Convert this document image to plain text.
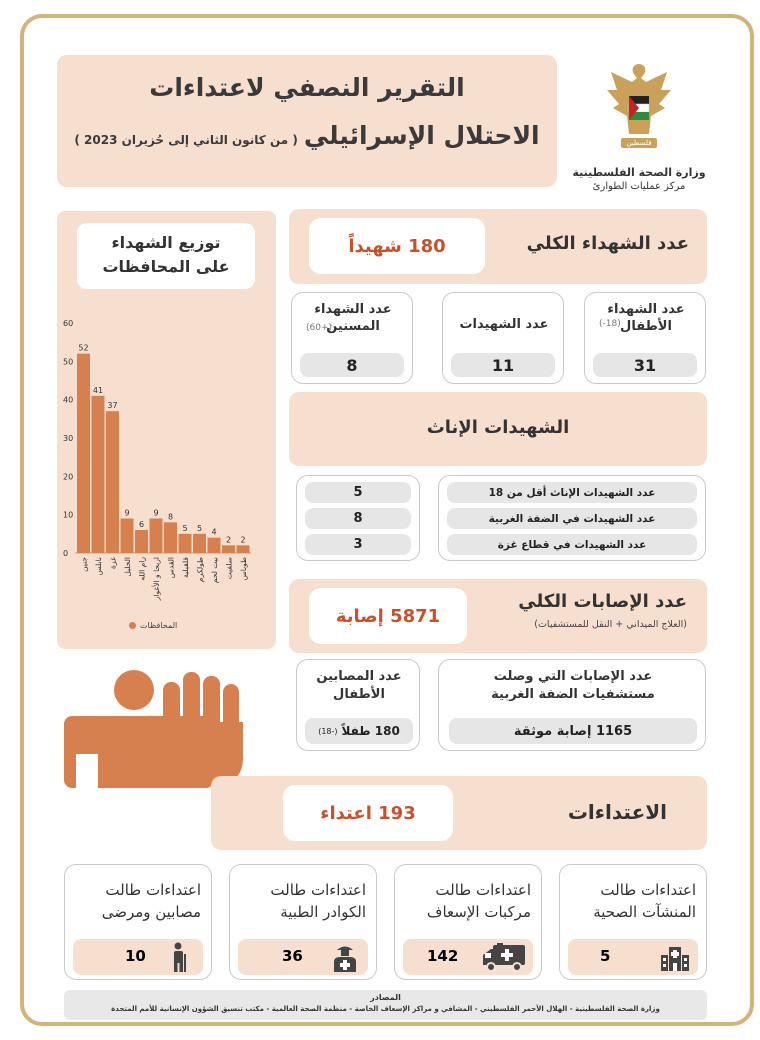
التقرير النصفي لاعتداءات
الاحتلال الإسرائيلي
( من كانون الثاني إلى حُزيران 2023 )	فلسطين
وزارة الصحة الفلسطينية
مركز عمليات الطوارئ
توزيع الشهداء على المحافظات
0
10
20
30
40
50
60
52
جنين
41
نابلس
37
غزة
9
الخليل
6
رام الله
9
اريحا و الأغوار
8
القدس
5
قلقيلية
5
طولكرم
4
بيت لحم
2
سلفيت
2
طوباس
المحافظات
عدد الشهداء الكلي
180 شهيداً
عدد الشهداء الأطفال
(-18)
31
عدد الشهيدات
11
عدد الشهداء المسنين
(60+)
8
الشهيدات الإناث
5
8
3
عدد الشهيدات الإناث أقل من 18
عدد الشهيدات في الضفة الغربية
عدد الشهيدات في قطاع غزة
عدد الإصابات الكلي
(العلاج الميداني + النقل للمستشفيات)
5871 إصابة
عدد الإصابات التي وصلت مستشفيات الضفة الغربية
1165 إصابة موثقة
عدد المصابين الأطفال
180 طفلاً
(-18)
الاعتداءات
193 اعتداء
اعتداءات طالت المنشآت الصحية
5
اعتداءات طالت مركبات الإسعاف
142
اعتداءات طالت الكوادر الطبية
36
اعتداءات طالت مصابين ومرضى
10
المصادر
وزارة الصحة الفلسطينية - الهلال الأحمر الفلسطيني - المشافي و مراكز الإسعاف الخاصة - منظمة الصحة العالمية - مكتب تنسيق الشؤون الإنسانية للأمم المتحدة
